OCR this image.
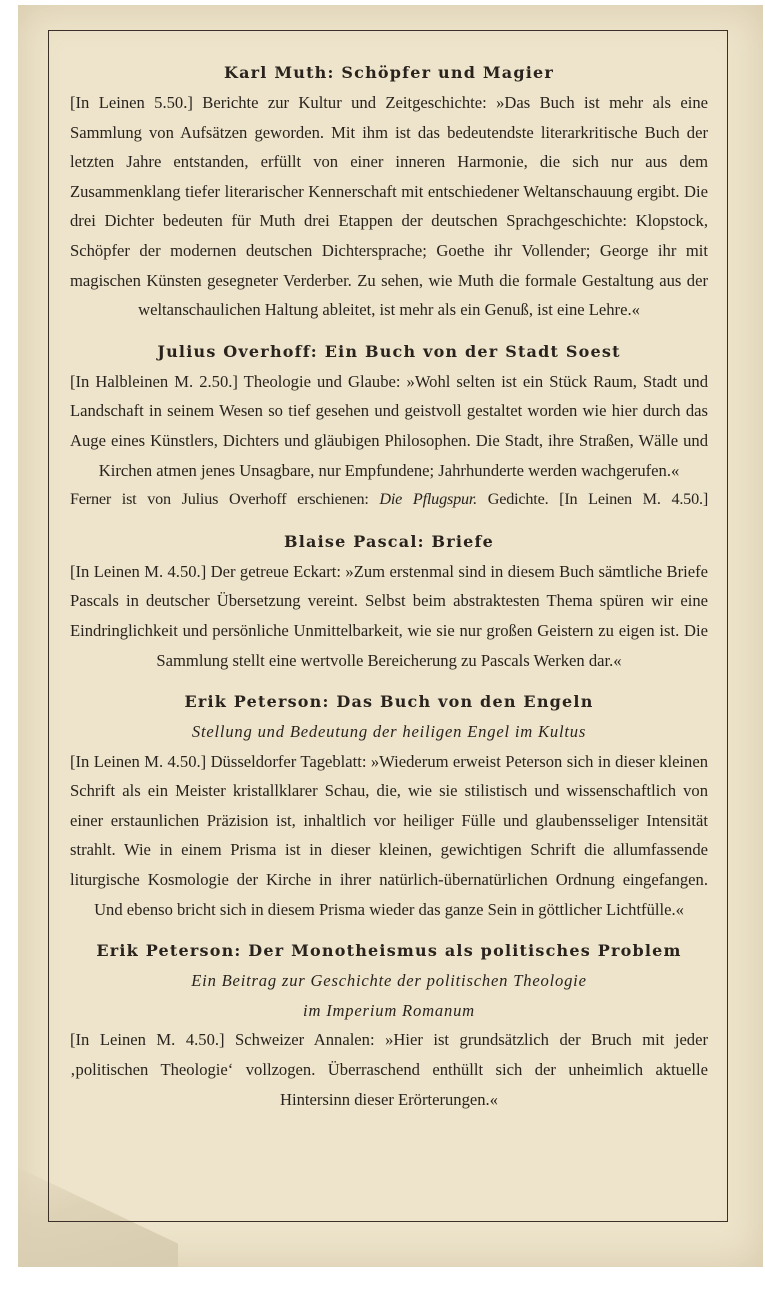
Karl Muth: Schöpfer und Magier
[In Leinen 5.50.] Berichte zur Kultur und Zeitgeschichte: »Das Buch ist mehr als eine Sammlung von Aufsätzen geworden. Mit ihm ist das bedeutendste literarkritische Buch der letzten Jahre entstanden, erfüllt von einer inneren Harmonie, die sich nur aus dem Zusammenklang tiefer literarischer Kennerschaft mit entschiedener Weltanschauung ergibt. Die drei Dichter bedeuten für Muth drei Etappen der deutschen Sprachgeschichte: Klopstock, Schöpfer der modernen deutschen Dichtersprache; Goethe ihr Vollender; George ihr mit magischen Künsten gesegneter Verderber. Zu sehen, wie Muth die formale Gestaltung aus der weltanschaulichen Haltung ableitet, ist mehr als ein Genuß, ist eine Lehre.«
Julius Overhoff: Ein Buch von der Stadt Soest
[In Halbleinen M. 2.50.] Theologie und Glaube: »Wohl selten ist ein Stück Raum, Stadt und Landschaft in seinem Wesen so tief gesehen und geistvoll gestaltet worden wie hier durch das Auge eines Künstlers, Dichters und gläubigen Philosophen. Die Stadt, ihre Straßen, Wälle und Kirchen atmen jenes Unsagbare, nur Empfundene; Jahrhunderte werden wachgerufen.«
Ferner ist von Julius Overhoff erschienen: Die Pflugspur. Gedichte. [In Leinen M. 4.50.]
Blaise Pascal: Briefe
[In Leinen M. 4.50.] Der getreue Eckart: »Zum erstenmal sind in diesem Buch sämtliche Briefe Pascals in deutscher Übersetzung vereint. Selbst beim abstraktesten Thema spüren wir eine Eindringlichkeit und persönliche Unmittelbarkeit, wie sie nur großen Geistern zu eigen ist. Die Sammlung stellt eine wertvolle Bereicherung zu Pascals Werken dar.«
Erik Peterson: Das Buch von den Engeln
Stellung und Bedeutung der heiligen Engel im Kultus
[In Leinen M. 4.50.] Düsseldorfer Tageblatt: »Wiederum erweist Peterson sich in dieser kleinen Schrift als ein Meister kristallklarer Schau, die, wie sie stilistisch und wissenschaftlich von einer erstaunlichen Präzision ist, inhaltlich vor heiliger Fülle und glaubensseliger Intensität strahlt. Wie in einem Prisma ist in dieser kleinen, gewichtigen Schrift die allumfassende liturgische Kosmologie der Kirche in ihrer natürlich-übernatürlichen Ordnung eingefangen. Und ebenso bricht sich in diesem Prisma wieder das ganze Sein in göttlicher Lichtfülle.«
Erik Peterson: Der Monotheismus als politisches Problem
Ein Beitrag zur Geschichte der politischen Theologie
im Imperium Romanum
[In Leinen M. 4.50.] Schweizer Annalen: »Hier ist grundsätzlich der Bruch mit jeder ‚politischen Theologie‘ vollzogen. Überraschend enthüllt sich der unheimlich aktuelle Hintersinn dieser Erörterungen.«
